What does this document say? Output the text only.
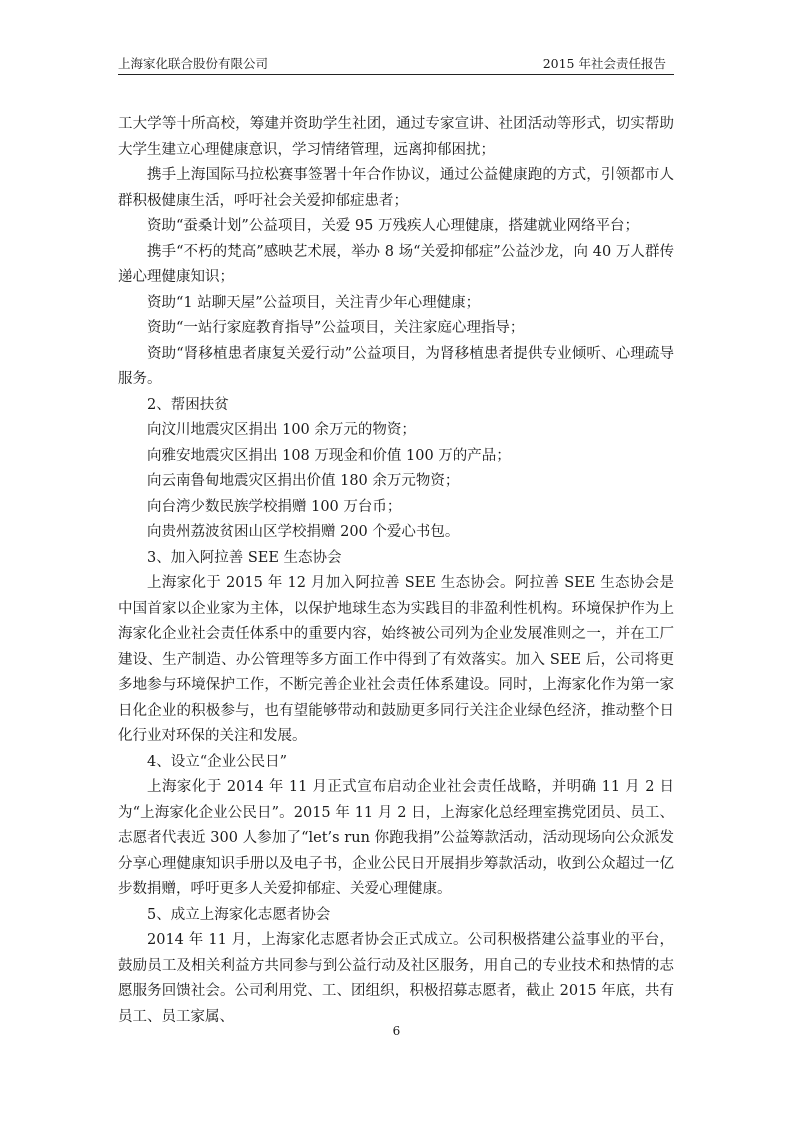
上海家化联合股份有限公司	2015 年社会责任报告

工大学等十所高校，筹建并资助学生社团，通过专家宣讲、社团活动等形式，切实帮助大学生建立心理健康意识，学习情绪管理，远离抑郁困扰；

携手上海国际马拉松赛事签署十年合作协议，通过公益健康跑的方式，引领都市人群积极健康生活，呼吁社会关爱抑郁症患者；

资助“蚕桑计划”公益项目，关爱 95 万残疾人心理健康，搭建就业网络平台；

携手“不朽的梵高”感映艺术展，举办 8 场“关爱抑郁症”公益沙龙，向 40 万人群传递心理健康知识；

资助“1 站聊天屋”公益项目，关注青少年心理健康；

资助“一站行家庭教育指导”公益项目，关注家庭心理指导；

资助“肾移植患者康复关爱行动”公益项目，为肾移植患者提供专业倾听、心理疏导服务。

2、帮困扶贫

向汶川地震灾区捐出 100 余万元的物资；

向雅安地震灾区捐出 108 万现金和价值 100 万的产品；

向云南鲁甸地震灾区捐出价值 180 余万元物资；

向台湾少数民族学校捐赠 100 万台币；

向贵州荔波贫困山区学校捐赠 200 个爱心书包。

3、加入阿拉善 SEE 生态协会

上海家化于 2015 年 12 月加入阿拉善 SEE 生态协会。阿拉善 SEE 生态协会是中国首家以企业家为主体，以保护地球生态为实践目的非盈利性机构。环境保护作为上海家化企业社会责任体系中的重要内容，始终被公司列为企业发展准则之一，并在工厂建设、生产制造、办公管理等多方面工作中得到了有效落实。加入 SEE 后，公司将更多地参与环境保护工作，不断完善企业社会责任体系建设。同时，上海家化作为第一家日化企业的积极参与，也有望能够带动和鼓励更多同行关注企业绿色经济，推动整个日化行业对环保的关注和发展。

4、设立“企业公民日”

上海家化于 2014 年 11 月正式宣布启动企业社会责任战略，并明确 11 月 2 日为“上海家化企业公民日”。2015 年 11 月 2 日，上海家化总经理室携党团员、员工、志愿者代表近 300 人参加了“let’s run 你跑我捐”公益筹款活动，活动现场向公众派发分享心理健康知识手册以及电子书，企业公民日开展捐步筹款活动，收到公众超过一亿步数捐赠，呼吁更多人关爱抑郁症、关爱心理健康。

5、成立上海家化志愿者协会

2014 年 11 月，上海家化志愿者协会正式成立。公司积极搭建公益事业的平台，鼓励员工及相关利益方共同参与到公益行动及社区服务，用自己的专业技术和热情的志愿服务回馈社会。公司利用党、工、团组织，积极招募志愿者，截止 2015 年底，共有员工、员工家属、

6
